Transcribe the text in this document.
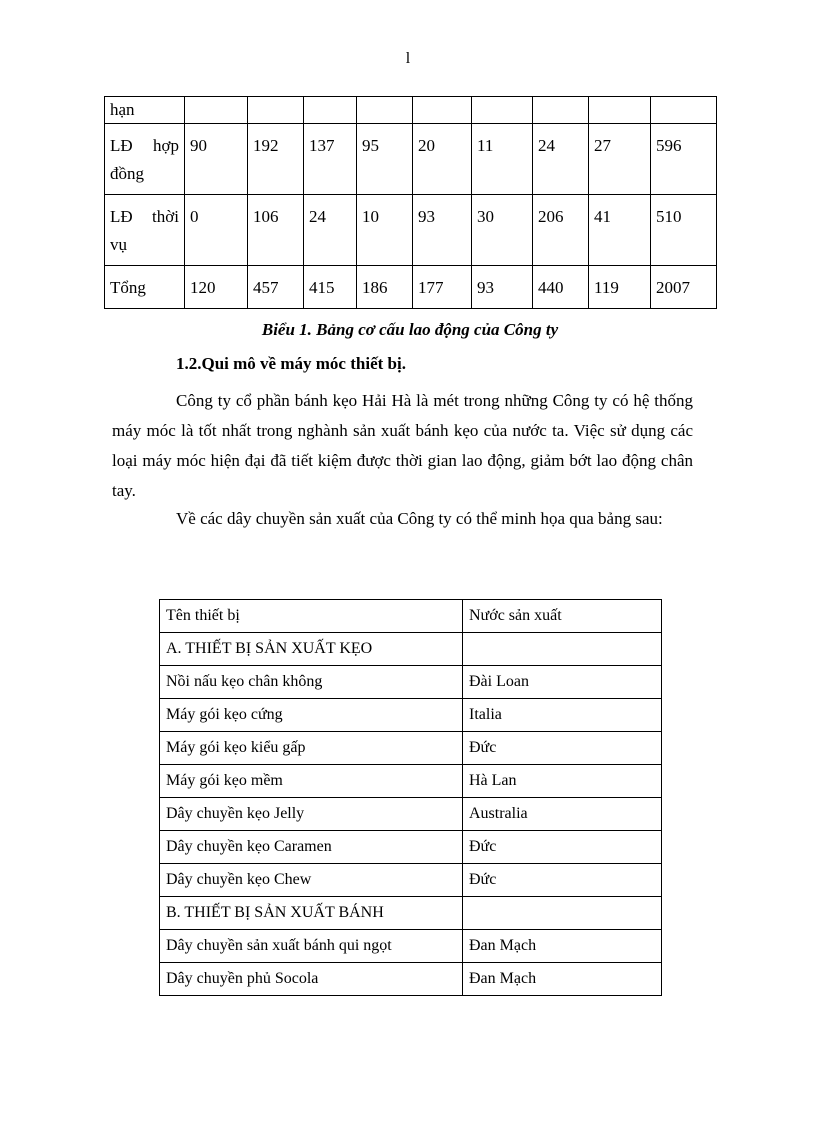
l
hạn									
LĐ hợp đồng	90	192	137	95	20	11	24	27	596
LĐ thời vụ	0	106	24	10	93	30	206	41	510
Tổng	120	457	415	186	177	93	440	119	2007
Biểu 1. Bảng cơ cấu lao động của Công ty
1.2.Qui mô về máy móc thiết bị.
Công ty cổ phần bánh kẹo Hải Hà là mét trong những Công ty có hệ thống máy móc là tốt nhất trong nghành sản xuất bánh kẹo của nước ta. Việc sử dụng các loại máy móc hiện đại đã tiết kiệm được thời gian lao động, giảm bớt lao động chân tay.
Về các dây chuyền sản xuất của Công ty có thể minh họa qua bảng sau:
Tên thiết bị	Nước sản xuất
A. THIẾT BỊ SẢN XUẤT KẸO	
Nồi nấu kẹo chân không	Đài Loan
Máy gói kẹo cứng	Italia
Máy gói kẹo kiểu gấp	Đức
Máy gói kẹo mềm	Hà Lan
Dây chuyền kẹo Jelly	Australia
Dây chuyền kẹo Caramen	Đức
Dây chuyền kẹo Chew	Đức
B. THIẾT BỊ SẢN XUẤT BÁNH	
Dây chuyền sản xuất bánh qui ngọt	Đan Mạch
Dây chuyền phủ Socola	Đan Mạch
